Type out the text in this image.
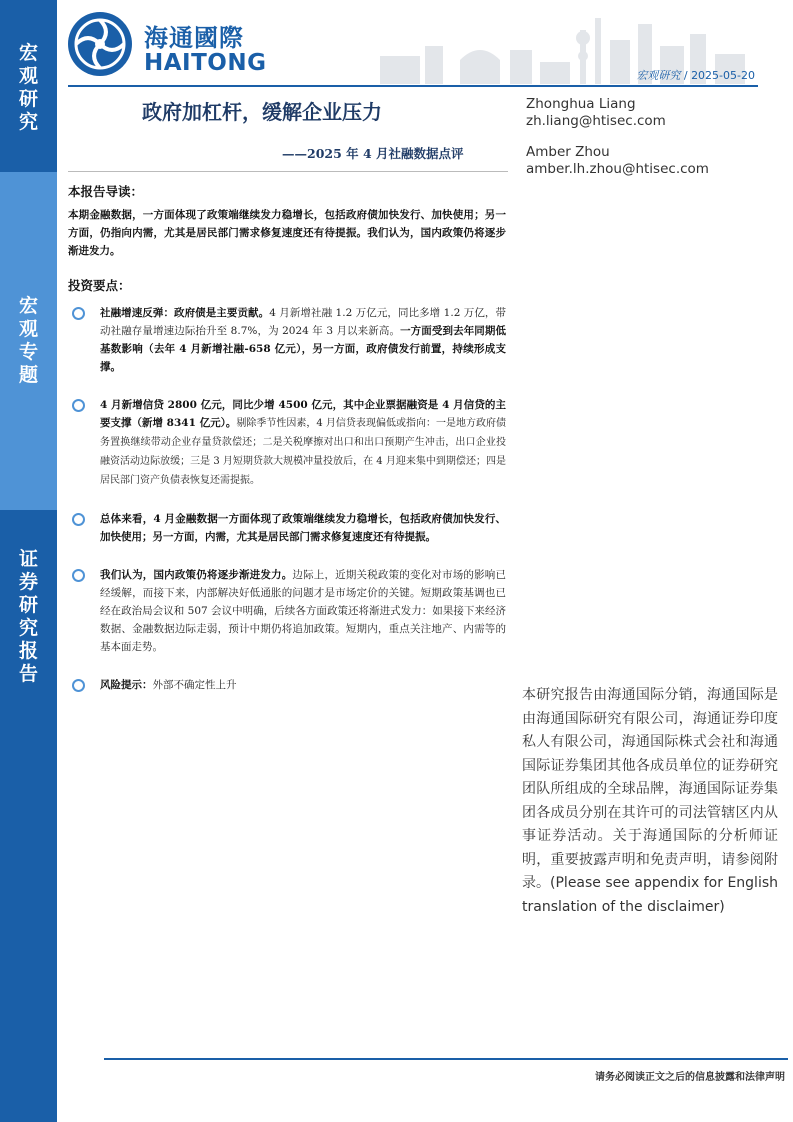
宏观研究
宏观专题
证券研究报告
海通國際
HAITONG	宏观研究 / 2025-05-20
政府加杠杆，缓解企业压力
——2025 年 4 月社融数据点评
Zhonghua Liang
zh.liang@htisec.com
Amber Zhou
amber.lh.zhou@htisec.com
本报告导读：

本期金融数据，一方面体现了政策端继续发力稳增长，包括政府债加快发行、加快使用；另一方面，仍指向内需，尤其是居民部门需求修复速度还有待提振。我们认为，国内政策仍将逐步渐进发力。

投资要点：
社融增速反弹：政府债是主要贡献。4 月新增社融 1.2 万亿元，同比多增 1.2 万亿，带动社融存量增速边际抬升至 8.7%，为 2024 年 3 月以来新高。一方面受到去年同期低基数影响（去年 4 月新增社融-658 亿元），另一方面，政府债发行前置，持续形成支撑。
4 月新增信贷 2800 亿元，同比少增 4500 亿元，其中企业票据融资是 4 月信贷的主要支撑（新增 8341 亿元）。剔除季节性因素，4 月信贷表现偏低或指向：一是地方政府债务置换继续带动企业存量贷款偿还；二是关税摩擦对出口和出口预期产生冲击，出口企业投融资活动边际放缓；三是 3 月短期贷款大规模冲量投放后，在 4 月迎来集中到期偿还；四是居民部门资产负债表恢复还需提振。
总体来看，4 月金融数据一方面体现了政策端继续发力稳增长，包括政府债加快发行、加快使用；另一方面，内需，尤其是居民部门需求修复速度还有待提振。
我们认为，国内政策仍将逐步渐进发力。边际上，近期关税政策的变化对市场的影响已经缓解，而接下来，内部解决好低通胀的问题才是市场定价的关键。短期政策基调也已经在政治局会议和 507 会议中明确，后续各方面政策还将渐进式发力：如果接下来经济数据、金融数据边际走弱，预计中期仍将追加政策。短期内，重点关注地产、内需等的基本面走势。
风险提示：外部不确定性上升
本研究报告由海通国际分销，海通国际是由海通国际研究有限公司，海通证券印度私人有限公司，海通国际株式会社和海通国际证券集团其他各成员单位的证券研究团队所组成的全球品牌，海通国际证券集团各成员分别在其许可的司法管辖区内从事证券活动。关于海通国际的分析师证明，重要披露声明和免责声明，请参阅附录。(Please see appendix for English translation of the disclaimer)
请务必阅读正文之后的信息披露和法律声明
